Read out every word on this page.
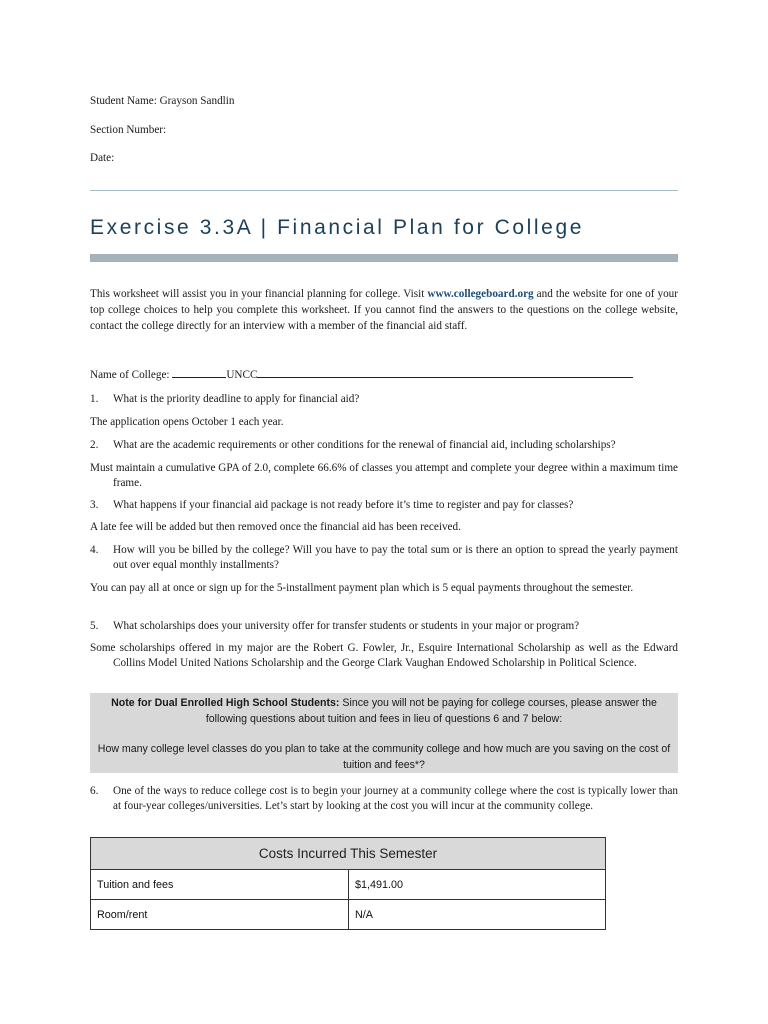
Student Name: Grayson Sandlin
Section Number:
Date:
Exercise 3.3A | Financial Plan for College
This worksheet will assist you in your financial planning for college. Visit www.collegeboard.org and the website for one of your top college choices to help you complete this worksheet. If you cannot find the answers to the questions on the college website, contact the college directly for an interview with a member of the financial aid staff.
Name of College:	UNCC
1. What is the priority deadline to apply for financial aid?
The application opens October 1 each year.
2. What are the academic requirements or other conditions for the renewal of financial aid, including scholarships?
Must maintain a cumulative GPA of 2.0, complete 66.6% of classes you attempt and complete your degree within a maximum time frame.
3. What happens if your financial aid package is not ready before it’s time to register and pay for classes?
A late fee will be added but then removed once the financial aid has been received.
4. How will you be billed by the college? Will you have to pay the total sum or is there an option to spread the yearly payment out over equal monthly installments?
You can pay all at once or sign up for the 5-installment payment plan which is 5 equal payments throughout the semester.
5. What scholarships does your university offer for transfer students or students in your major or program?
Some scholarships offered in my major are the Robert G. Fowler, Jr., Esquire International Scholarship as well as the Edward Collins Model United Nations Scholarship and the George Clark Vaughan Endowed Scholarship in Political Science.
Note for Dual Enrolled High School Students: Since you will not be paying for college courses, please answer the following questions about tuition and fees in lieu of questions 6 and 7 below:
How many college level classes do you plan to take at the community college and how much are you saving on the cost of tuition and fees*?
6. One of the ways to reduce college cost is to begin your journey at a community college where the cost is typically lower than at four-year colleges/universities. Let’s start by looking at the cost you will incur at the community college.
Costs Incurred This Semester	
Tuition and fees	$1,491.00
Room/rent	N/A
